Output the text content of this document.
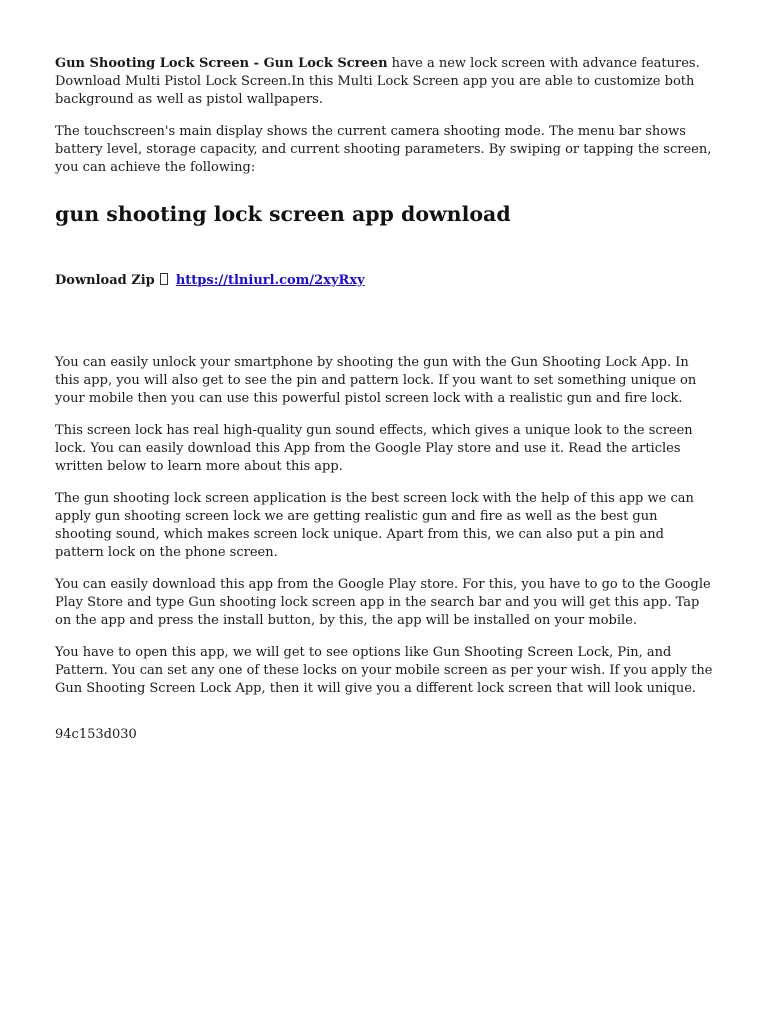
Gun Shooting Lock Screen - Gun Lock Screen have a new lock screen with advance features. Download Multi Pistol Lock Screen.In this Multi Lock Screen app you are able to customize both background as well as pistol wallpapers.

The touchscreen's main display shows the current camera shooting mode. The menu bar shows battery level, storage capacity, and current shooting parameters. By swiping or tapping the screen, you can achieve the following:

gun shooting lock screen app download
Download Zip https://tlniurl.com/2xyRxy

You can easily unlock your smartphone by shooting the gun with the Gun Shooting Lock App. In this app, you will also get to see the pin and pattern lock. If you want to set something unique on your mobile then you can use this powerful pistol screen lock with a realistic gun and fire lock.

This screen lock has real high-quality gun sound effects, which gives a unique look to the screen lock. You can easily download this App from the Google Play store and use it. Read the articles written below to learn more about this app.

The gun shooting lock screen application is the best screen lock with the help of this app we can apply gun shooting screen lock we are getting realistic gun and fire as well as the best gun shooting sound, which makes screen lock unique. Apart from this, we can also put a pin and pattern lock on the phone screen.

You can easily download this app from the Google Play store. For this, you have to go to the Google Play Store and type Gun shooting lock screen app in the search bar and you will get this app. Tap on the app and press the install button, by this, the app will be installed on your mobile.

You have to open this app, we will get to see options like Gun Shooting Screen Lock, Pin, and Pattern. You can set any one of these locks on your mobile screen as per your wish. If you apply the Gun Shooting Screen Lock App, then it will give you a different lock screen that will look unique.

94c153d030
